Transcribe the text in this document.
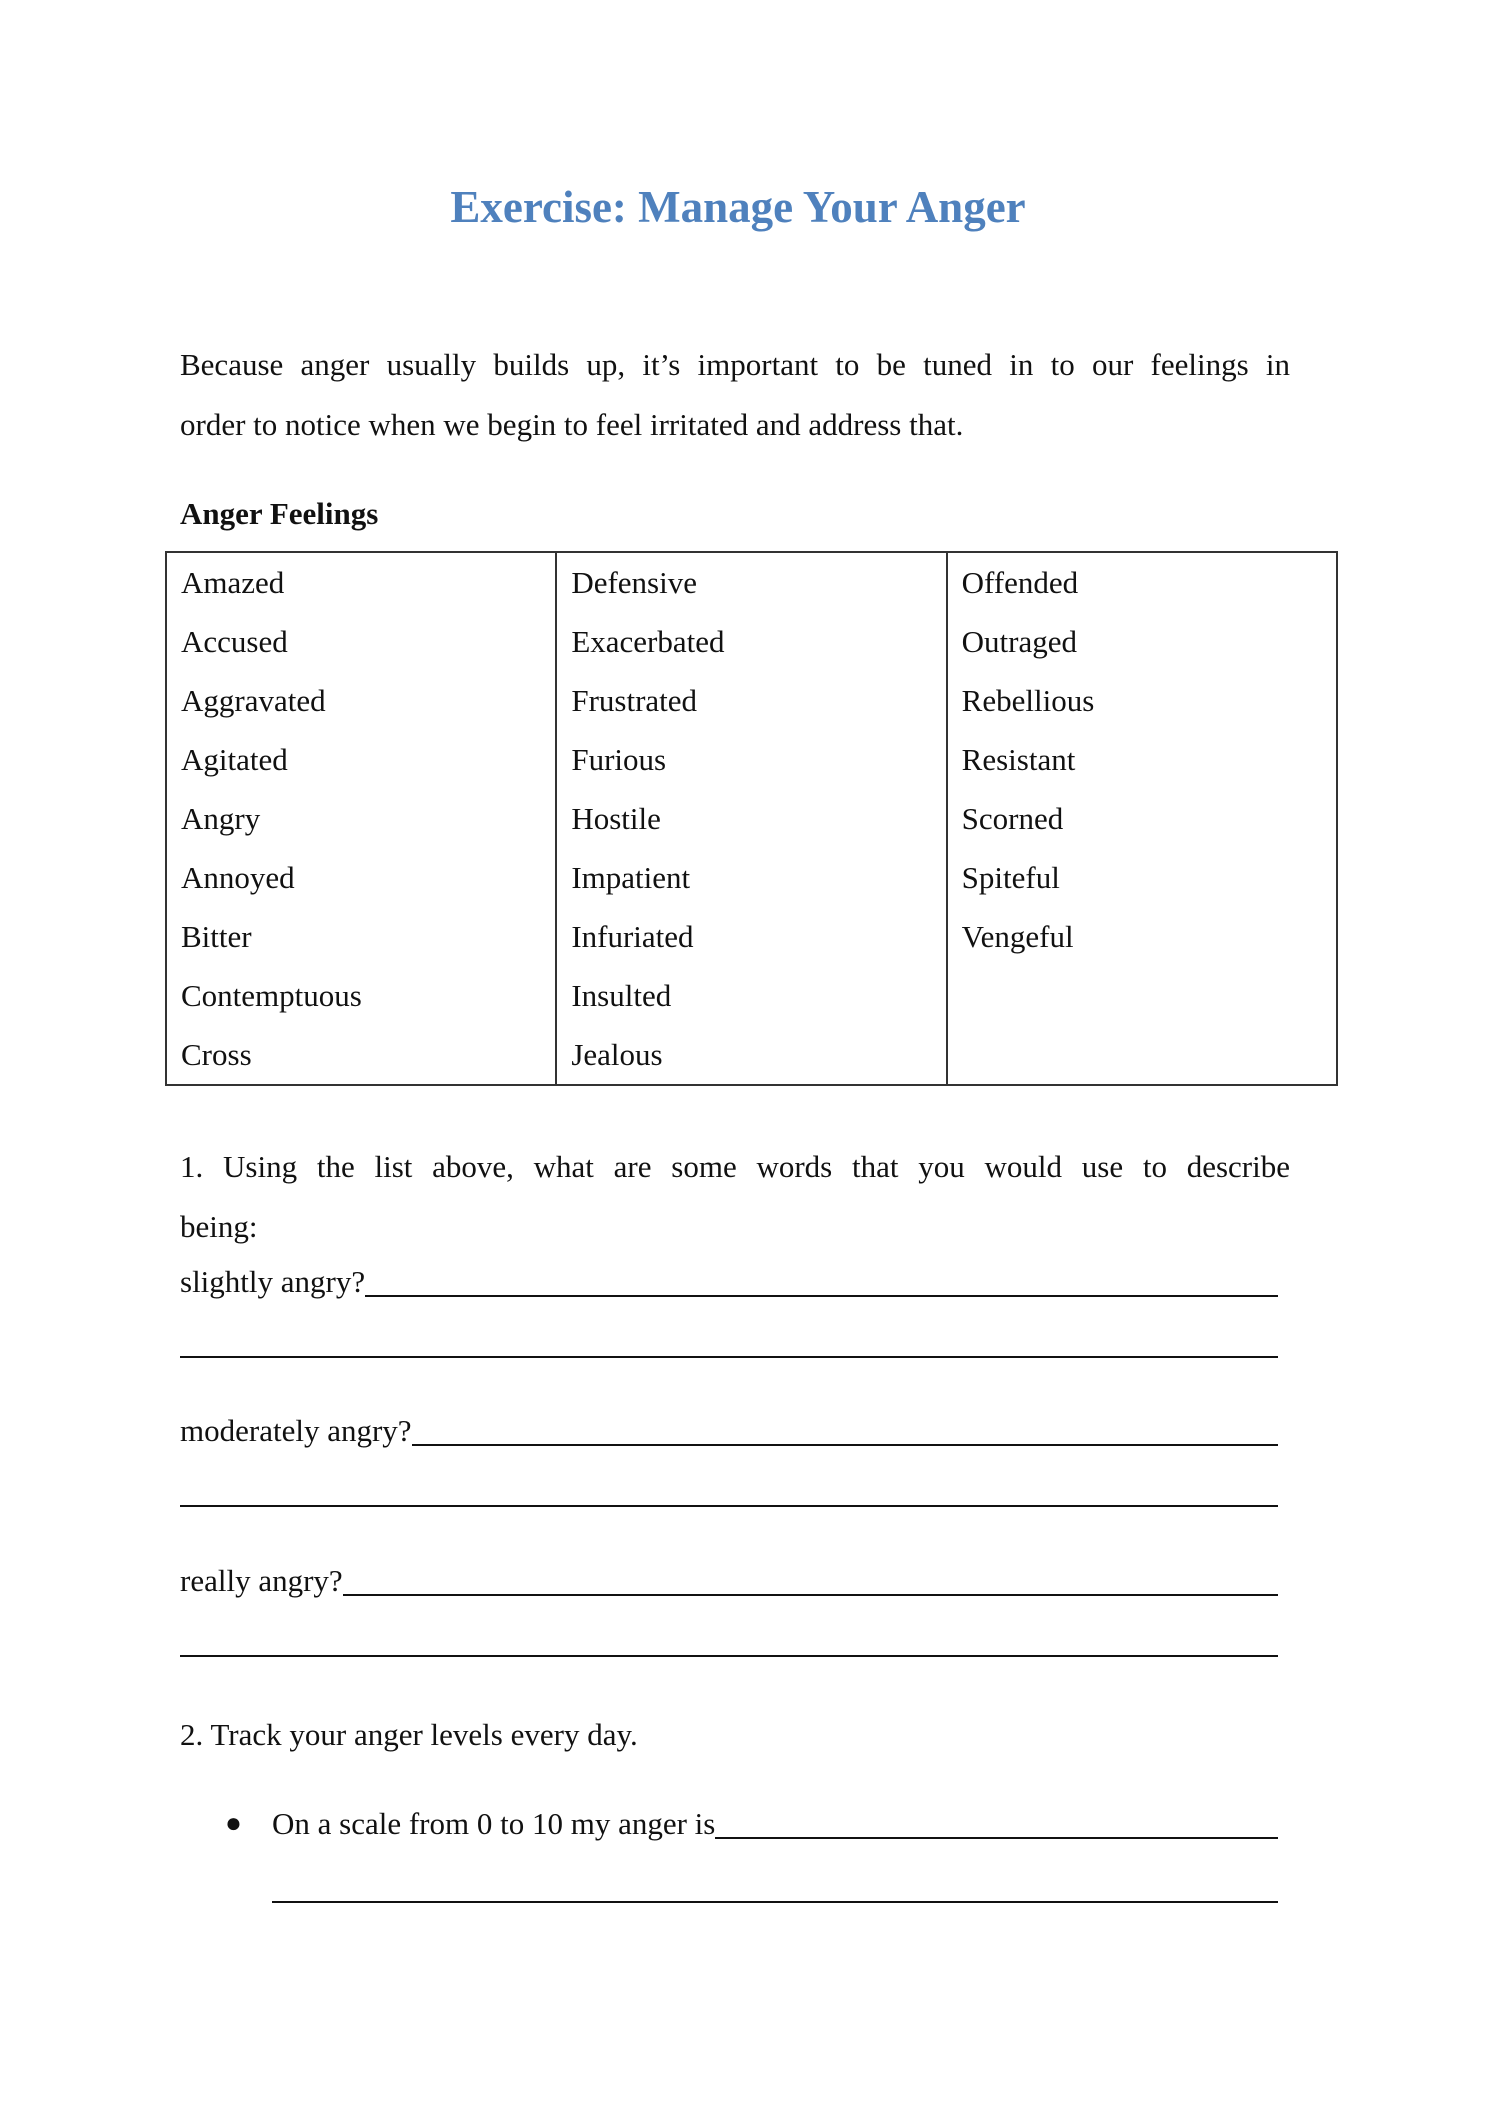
Exercise: Manage Your Anger
Because anger usually builds up, it’s important to be tuned in to our feelings in
order to notice when we begin to feel irritated and address that.
Anger Feelings
Amazed
Accused
Aggravated
Agitated
Angry
Annoyed
Bitter
Contemptuous
Cross
Defensive
Exacerbated
Frustrated
Furious
Hostile
Impatient
Infuriated
Insulted
Jealous
Offended
Outraged
Rebellious
Resistant
Scorned
Spiteful
Vengeful
1. Using the list above, what are some words that you would use to describe
being:
slightly angry?
moderately angry?
really angry?
2. Track your anger levels every day.
● On a scale from 0 to 10 my anger is
